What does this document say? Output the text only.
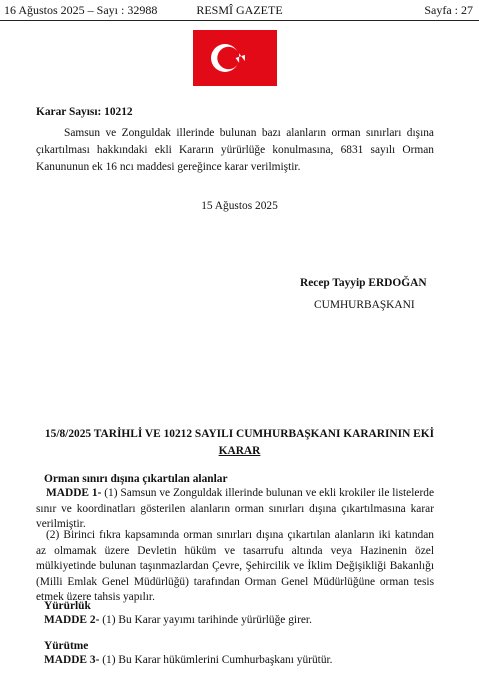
16 Ağustos 2025 – Sayı : 32988	RESMÎ GAZETE	Sayfa : 27
Karar Sayısı: 10212
Samsun ve Zonguldak illerinde bulunan bazı alanların orman sınırları dışına çıkartılması hakkındaki ekli Kararın yürürlüğe konulmasına, 6831 sayılı Orman Kanununun ek 16 ncı maddesi gereğince karar verilmiştir.
15 Ağustos 2025
Recep Tayyip ERDOĞAN
CUMHURBAŞKANI
15/8/2025 TARİHLİ VE 10212 SAYILI CUMHURBAŞKANI KARARININ EKİ
KARAR
Orman sınırı dışına çıkartılan alanlar
MADDE 1- (1) Samsun ve Zonguldak illerinde bulunan ve ekli krokiler ile listelerde sınır ve koordinatları gösterilen alanların orman sınırları dışına çıkartılmasına karar verilmiştir.
(2) Birinci fıkra kapsamında orman sınırları dışına çıkartılan alanların iki katından az olmamak üzere Devletin hüküm ve tasarrufu altında veya Hazinenin özel mülkiyetinde bulunan taşınmazlardan Çevre, Şehircilik ve İklim Değişikliği Bakanlığı (Milli Emlak Genel Müdürlüğü) tarafından Orman Genel Müdürlüğüne orman tesis etmek üzere tahsis yapılır.
Yürürlük
MADDE 2- (1) Bu Karar yayımı tarihinde yürürlüğe girer.
Yürütme
MADDE 3- (1) Bu Karar hükümlerini Cumhurbaşkanı yürütür.
